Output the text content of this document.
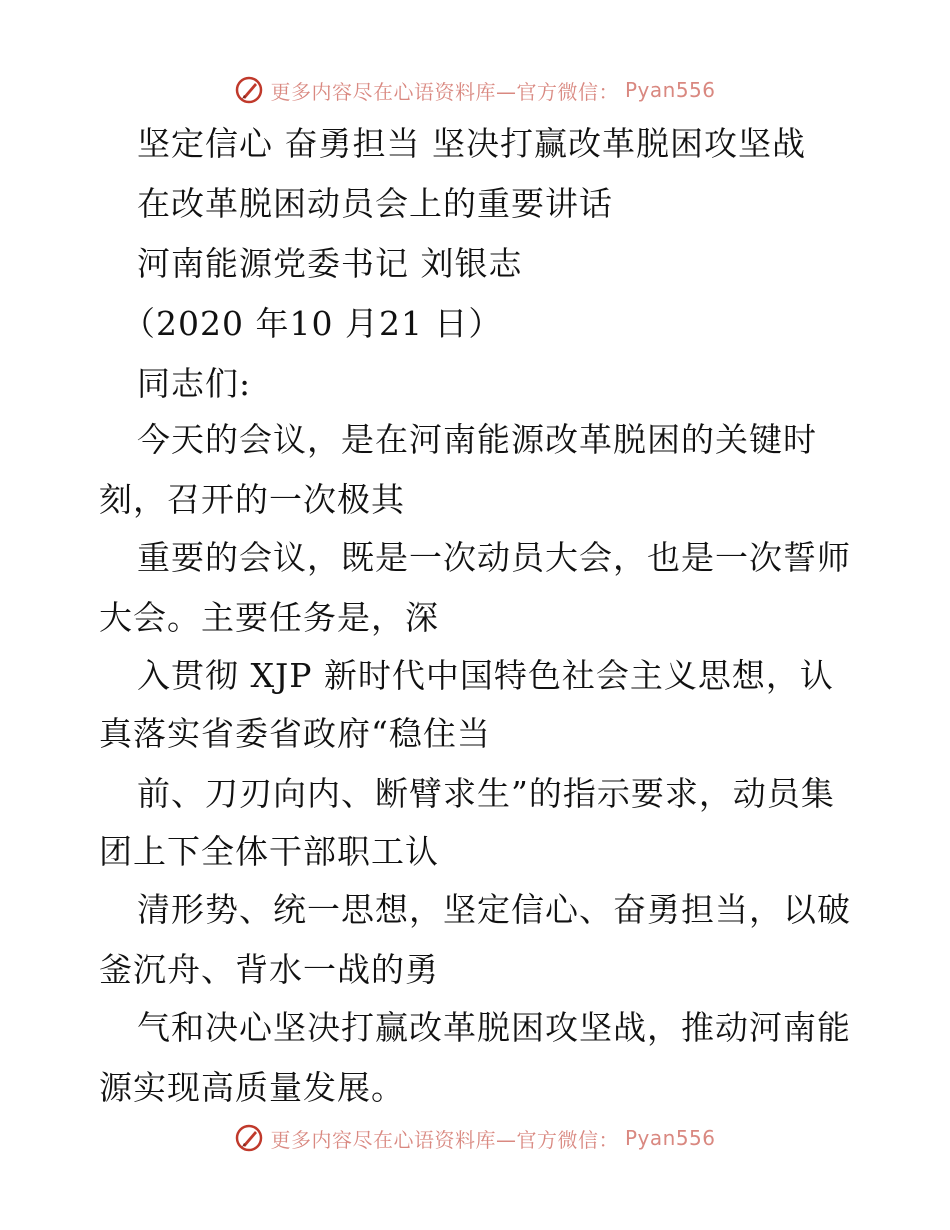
更多内容尽在心语资料库—官方微信： Pyan556
坚定信心 奋勇担当 坚决打赢改革脱困攻坚战
在改革脱困动员会上的重要讲话
河南能源党委书记 刘银志
（2020 年10 月21 日）
同志们:
今天的会议，是在河南能源改革脱困的关键时
刻，召开的一次极其
重要的会议，既是一次动员大会，也是一次誓师
大会。主要任务是，深
入贯彻 XJP 新时代中国特色社会主义思想，认
真落实省委省政府“稳住当
前、刀刃向内、断臂求生”的指示要求，动员集
团上下全体干部职工认
清形势、统一思想，坚定信心、奋勇担当，以破
釜沉舟、背水一战的勇
气和决心坚决打赢改革脱困攻坚战，推动河南能
源实现高质量发展。
更多内容尽在心语资料库—官方微信： Pyan556
